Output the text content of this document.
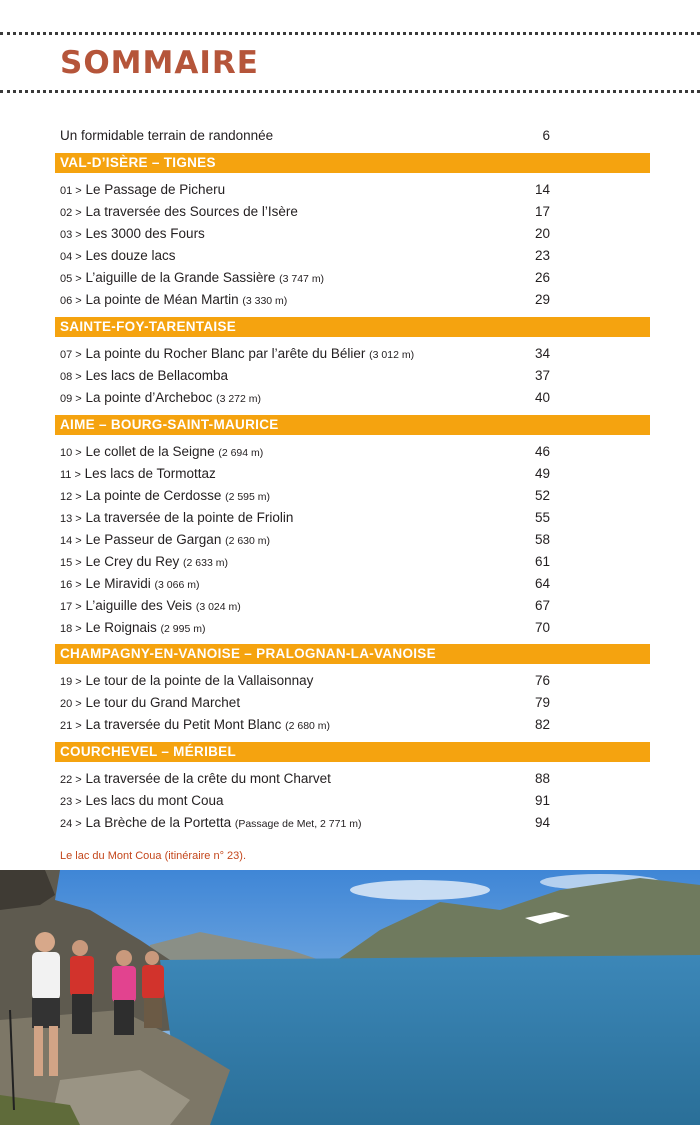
SOMMAIRE
Un formidable terrain de randonnée	6
VAL-D’ISÈRE – TIGNES
01 > Le Passage de Picheru	14
02 > La traversée des Sources de l’Isère	17
03 > Les 3000 des Fours	20
04 > Les douze lacs	23
05 > L’aiguille de la Grande Sassière (3 747 m)	26
06 > La pointe de Méan Martin (3 330 m)	29
SAINTE-FOY-TARENTAISE
07 > La pointe du Rocher Blanc par l’arête du Bélier (3 012 m)	34
08 > Les lacs de Bellacomba	37
09 > La pointe d’Archeboc (3 272 m)	40
AIME – BOURG-SAINT-MAURICE
10 > Le collet de la Seigne (2 694 m)	46
11 > Les lacs de Tormottaz	49
12 > La pointe de Cerdosse (2 595 m)	52
13 > La traversée de la pointe de Friolin	55
14 > Le Passeur de Gargan (2 630 m)	58
15 > Le Crey du Rey (2 633 m)	61
16 > Le Miravidi (3 066 m)	64
17 > L’aiguille des Veis (3 024 m)	67
18 > Le Roignais (2 995 m)	70
CHAMPAGNY-EN-VANOISE – PRALOGNAN-LA-VANOISE
19 > Le tour de la pointe de la Vallaisonnay	76
20 > Le tour du Grand Marchet	79
21 > La traversée du Petit Mont Blanc (2 680 m)	82
COURCHEVEL – MÉRIBEL
22 > La traversée de la crête du mont Charvet	88
23 > Les lacs du mont Coua	91
24 > La Brèche de la Portetta (Passage de Met, 2 771 m)	94
Le lac du Mont Coua (itinéraire n° 23).
